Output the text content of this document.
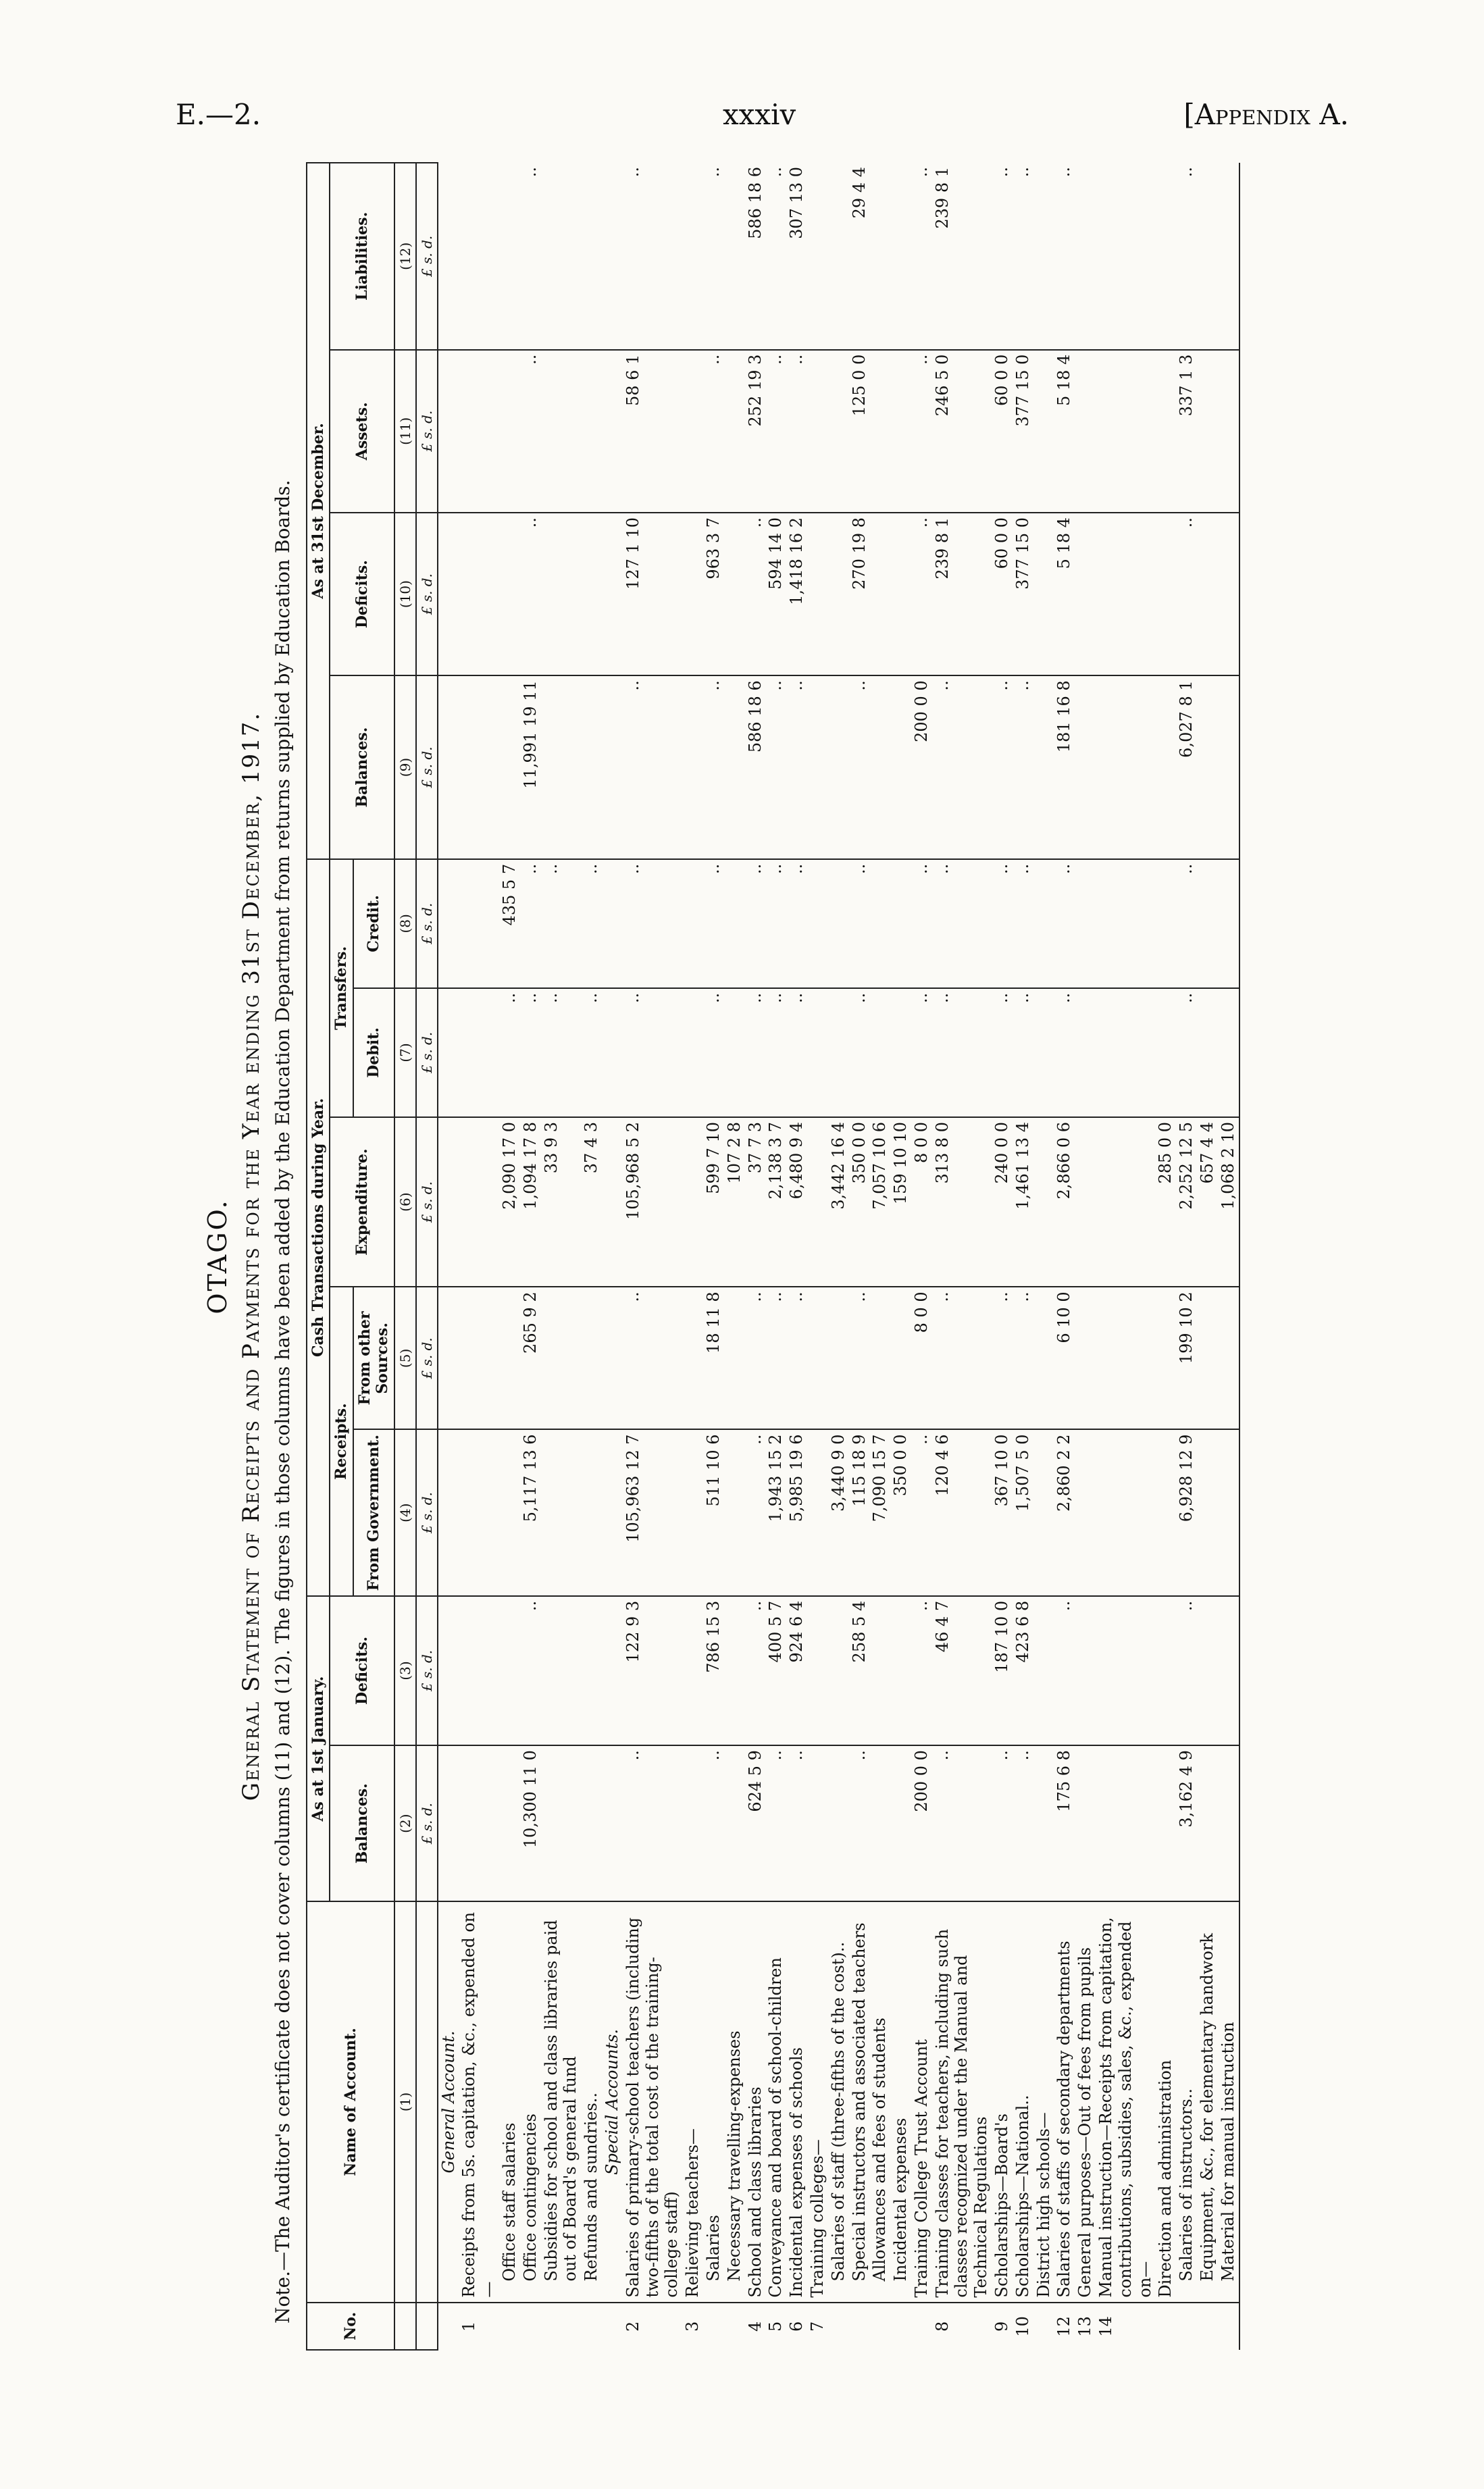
E.—2.	xxxiv	[Appendix A.
OTAGO. General Statement of Receipts and Payments for the Year ending 31st December, 1917. Note.—The Auditor's certificate does not cover columns (11) and (12). The figures in those columns have been added by the Education Department from returns supplied by Education Boards.
No.	Name of Account.	As at 1st January.		Cash Transactions during Year.					As at 31st December.			
		Balances.	Deficits.	Receipts.		Expenditure.	Transfers.		Balances.	Deficits.	Assets.	Liabilities.
				From Government.	From other Sources.		Debit.	Credit.				
	(1)	(2)	(3)	(4)	(5)	(6)	(7)	(8)	(9)	(10)	(11)	(12)
		£ s. d.	£ s. d.	£ s. d.	£ s. d.	£ s. d.	£ s. d.	£ s. d.	£ s. d.	£ s. d.	£ s. d.	£ s. d.
	General Account.											
1	Receipts from 5s. capitation, &c., expended on—											
	Office staff salaries					2,090 17 0	..	435 5 7				
	Office contingencies	10,300 11 0	..	5,117 13 6	265 9 2	1,094 17 8	..	..	11,991 19 11	..	..	..
	Subsidies for school and class libraries paid out of Board's general fund					33 9 3	..	..				
	Refunds and sundries..					37 4 3	..	..				
	Special Accounts.											
2	Salaries of primary-school teachers (including two-fifths of the total cost of the training-college staff)	..	122 9 3	105,963 12 7	..	105,968 5 2	..	..	..	127 1 10	58 6 1	..
3	Relieving teachers—											
	Salaries	..	786 15 3	511 10 6	18 11 8	599 7 10	..	..	..	963 3 7	..	..
	Necessary travelling-expenses					107 2 8						
4	School and class libraries	624 5 9	..	..	..	37 7 3	..	..	586 18 6	..	252 19 3	586 18 6
5	Conveyance and board of school-children	..	400 5 7	1,943 15 2	..	2,138 3 7	..	..	..	594 14 0	..	..
6	Incidental expenses of schools	..	924 6 4	5,985 19 6	..	6,480 9 4	..	..	..	1,418 16 2	..	307 13 0
7	Training colleges—											
	Salaries of staff (three-fifths of the cost)..			3,440 9 0		3,442 16 4						
	Special instructors and associated teachers	..	258 5 4	115 18 9	..	350 0 0	..	..	..	270 19 8	125 0 0	29 4 4
	Allowances and fees of students			7,090 15 7		7,057 10 6						
	Incidental expenses			350 0 0		159 10 10						
	Training College Trust Account	200 0 0	..	..	8 0 0	8 0 0	..	..	200 0 0	..	..	..
8	Training classes for teachers, including such classes recognized under the Manual and Technical Regulations	..	46 4 7	120 4 6	..	313 8 0	..	..	..	239 8 1	246 5 0	239 8 1
9	Scholarships—Board's	..	187 10 0	367 10 0	..	240 0 0	..	..	..	60 0 0	60 0 0	..
10	Scholarships—National..	..	423 6 8	1,507 5 0	..	1,461 13 4	..	..	..	377 15 0	377 15 0	..
	District high schools—											
12	Salaries of staffs of secondary departments	175 6 8	..	2,860 2 2	6 10 0	2,866 0 6	..	..	181 16 8	5 18 4	5 18 4	..
13	General purposes—Out of fees from pupils											
14	Manual instruction—Receipts from capitation, contributions, subsidies, sales, &c., expended on—											
	Direction and administration					285 0 0						
	Salaries of instructors..	3,162 4 9	..	6,928 12 9	199 10 2	2,252 12 5	..	..	6,027 8 1	..	337 1 3	..
	Equipment, &c., for elementary handwork					657 4 4						
	Material for manual instruction					1,068 2 10						
